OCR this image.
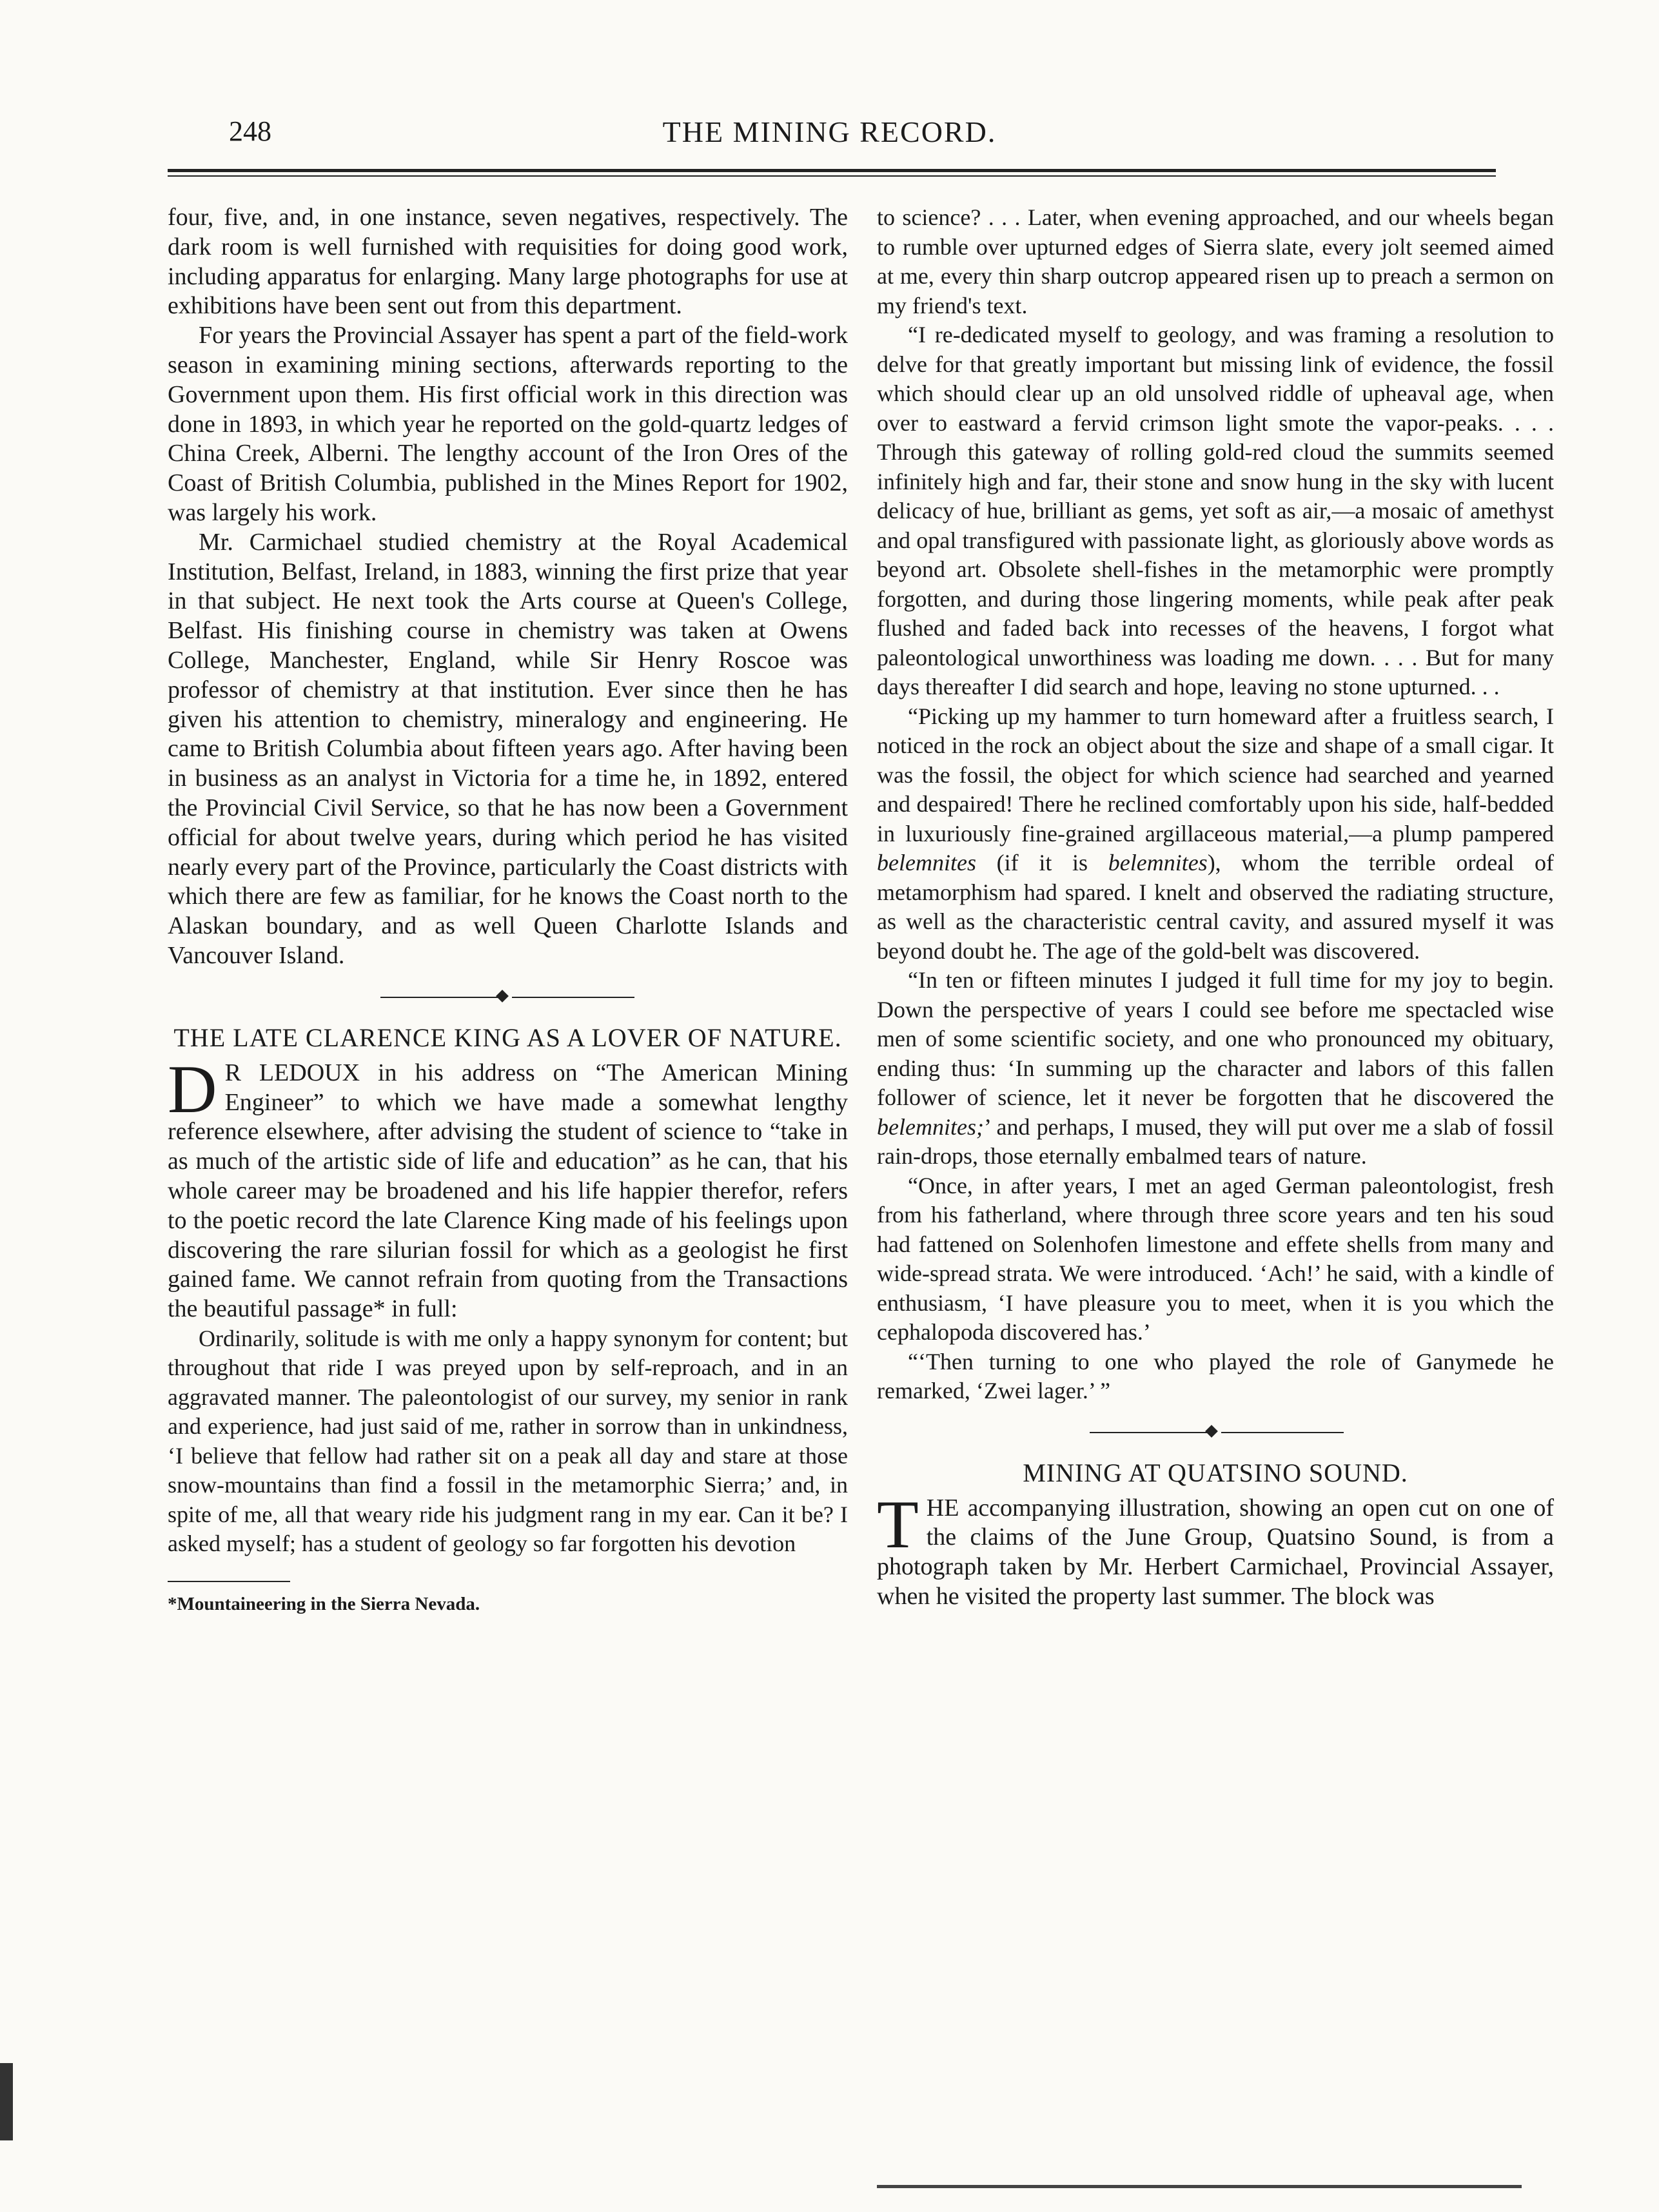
248	THE MINING RECORD.

four, five, and, in one instance, seven negatives, respectively. The dark room is well furnished with requisities for doing good work, including apparatus for enlarging. Many large photographs for use at exhibitions have been sent out from this department.

For years the Provincial Assayer has spent a part of the field-work season in examining mining sections, afterwards reporting to the Government upon them. His first official work in this direction was done in 1893, in which year he reported on the gold-quartz ledges of China Creek, Alberni. The lengthy account of the Iron Ores of the Coast of British Columbia, published in the Mines Report for 1902, was largely his work.

Mr. Carmichael studied chemistry at the Royal Academical Institution, Belfast, Ireland, in 1883, winning the first prize that year in that subject. He next took the Arts course at Queen's College, Belfast. His finishing course in chemistry was taken at Owens College, Manchester, England, while Sir Henry Roscoe was professor of chemistry at that institution. Ever since then he has given his attention to chemistry, mineralogy and engineering. He came to British Columbia about fifteen years ago. After having been in business as an analyst in Victoria for a time he, in 1892, entered the Provincial Civil Service, so that he has now been a Government official for about twelve years, during which period he has visited nearly every part of the Province, particularly the Coast districts with which there are few as familiar, for he knows the Coast north to the Alaskan boundary, and as well Queen Charlotte Islands and Vancouver Island.

THE LATE CLARENCE KING AS A LOVER OF NATURE.

D R LEDOUX in his address on “The American Mining Engineer” to which we have made a somewhat lengthy reference elsewhere, after advising the student of science to “take in as much of the artistic side of life and education” as he can, that his whole career may be broadened and his life happier therefor, refers to the poetic record the late Clarence King made of his feelings upon discovering the rare silurian fossil for which as a geologist he first gained fame. We cannot refrain from quoting from the Transactions the beautiful passage* in full:

Ordinarily, solitude is with me only a happy synonym for content; but throughout that ride I was preyed upon by self-reproach, and in an aggravated manner. The paleontologist of our survey, my senior in rank and experience, had just said of me, rather in sorrow than in unkindness, ‘I believe that fellow had rather sit on a peak all day and stare at those snow-mountains than find a fossil in the metamorphic Sierra;’ and, in spite of me, all that weary ride his judgment rang in my ear. Can it be? I asked myself; has a student of geology so far forgotten his devotion

*Mountaineering in the Sierra Nevada.

to science? . . . Later, when evening approached, and our wheels began to rumble over upturned edges of Sierra slate, every jolt seemed aimed at me, every thin sharp outcrop appeared risen up to preach a sermon on my friend's text.

“I re-dedicated myself to geology, and was framing a resolution to delve for that greatly important but missing link of evidence, the fossil which should clear up an old unsolved riddle of upheaval age, when over to eastward a fervid crimson light smote the vapor-peaks. . . . Through this gateway of rolling gold-red cloud the summits seemed infinitely high and far, their stone and snow hung in the sky with lucent delicacy of hue, brilliant as gems, yet soft as air,—a mosaic of amethyst and opal transfigured with passionate light, as gloriously above words as beyond art. Obsolete shell-fishes in the metamorphic were promptly forgotten, and during those lingering moments, while peak after peak flushed and faded back into recesses of the heavens, I forgot what paleontological unworthiness was loading me down. . . . But for many days thereafter I did search and hope, leaving no stone upturned. . .

“Picking up my hammer to turn homeward after a fruitless search, I noticed in the rock an object about the size and shape of a small cigar. It was the fossil, the object for which science had searched and yearned and despaired! There he reclined comfortably upon his side, half-bedded in luxuriously fine-grained argillaceous material,—a plump pampered belemnites (if it is belemnites), whom the terrible ordeal of metamorphism had spared. I knelt and observed the radiating structure, as well as the characteristic central cavity, and assured myself it was beyond doubt he. The age of the gold-belt was discovered.

“In ten or fifteen minutes I judged it full time for my joy to begin. Down the perspective of years I could see before me spectacled wise men of some scientific society, and one who pronounced my obituary, ending thus: ‘In summing up the character and labors of this fallen follower of science, let it never be forgotten that he discovered the belemnites;’ and perhaps, I mused, they will put over me a slab of fossil rain-drops, those eternally embalmed tears of nature.

“Once, in after years, I met an aged German paleontologist, fresh from his fatherland, where through three score years and ten his soud had fattened on Solenhofen limestone and effete shells from many and wide-spread strata. We were introduced. ‘Ach!’ he said, with a kindle of enthusiasm, ‘I have pleasure you to meet, when it is you which the cephalopoda discovered has.’

“‘Then turning to one who played the role of Ganymede he remarked, ‘Zwei lager.’ ”

MINING AT QUATSINO SOUND.

THE accompanying illustration, showing an open cut on one of the claims of the June Group, Quatsino Sound, is from a photograph taken by Mr. Herbert Carmichael, Provincial Assayer, when he visited the property last summer. The block was
